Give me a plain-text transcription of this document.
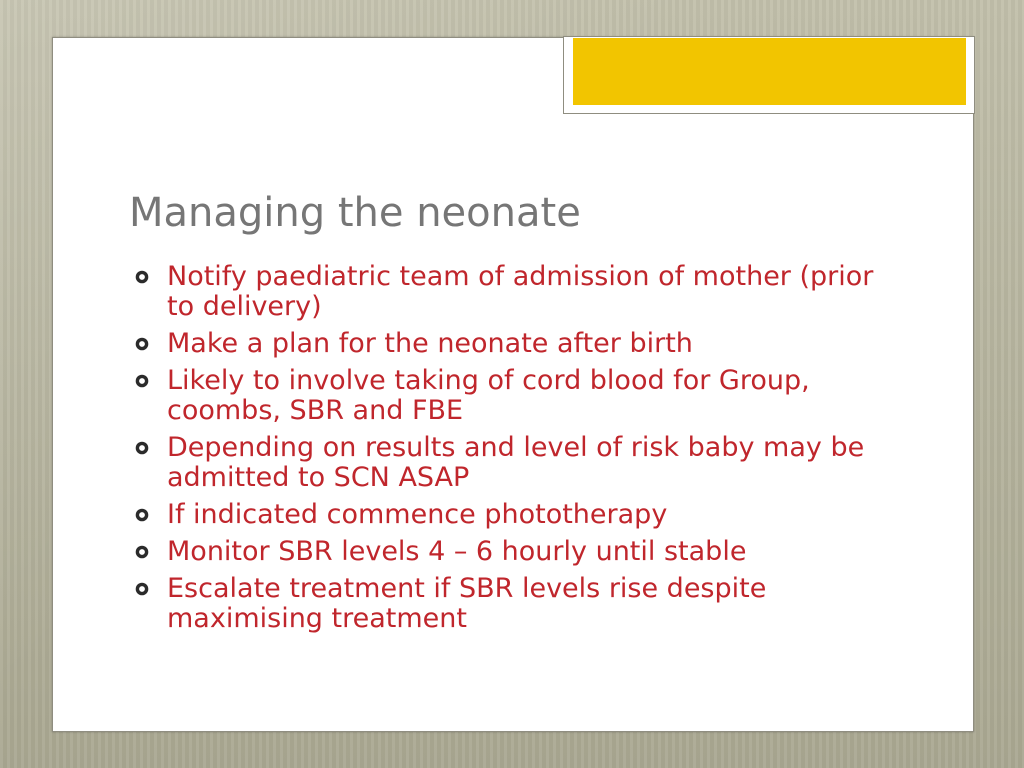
Managing the neonate
Notify paediatric team of admission of mother (prior to delivery)
Make a plan for the neonate after birth
Likely to involve taking of cord blood for Group, coombs, SBR and FBE
Depending on results and level of risk baby may be admitted to SCN ASAP
If indicated commence phototherapy
Monitor SBR levels 4 – 6 hourly until stable
Escalate treatment if SBR levels rise despite maximising treatment
